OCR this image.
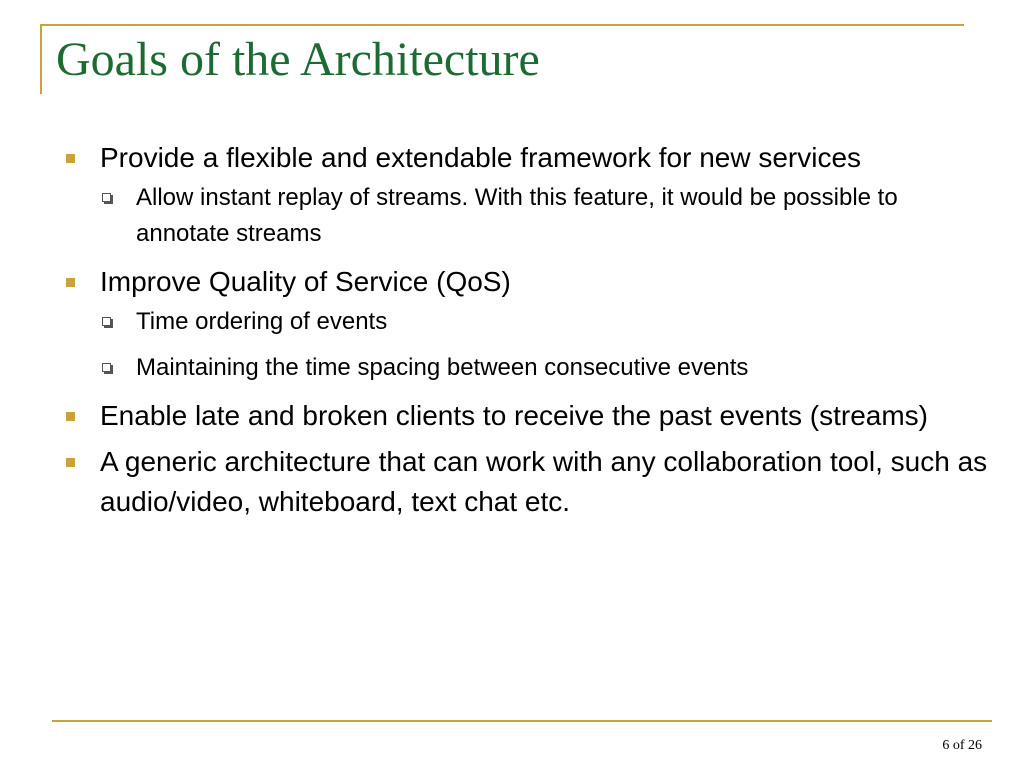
Goals of the Architecture
Provide a flexible and extendable framework for new services
Allow instant replay of streams. With this feature, it would be possible to annotate streams
Improve Quality of Service (QoS)
Time ordering of events
Maintaining the time spacing between consecutive events
Enable late and broken clients to receive the past events (streams)
A generic architecture that can work with any collaboration tool, such as audio/video, whiteboard, text chat etc.
6 of 26
